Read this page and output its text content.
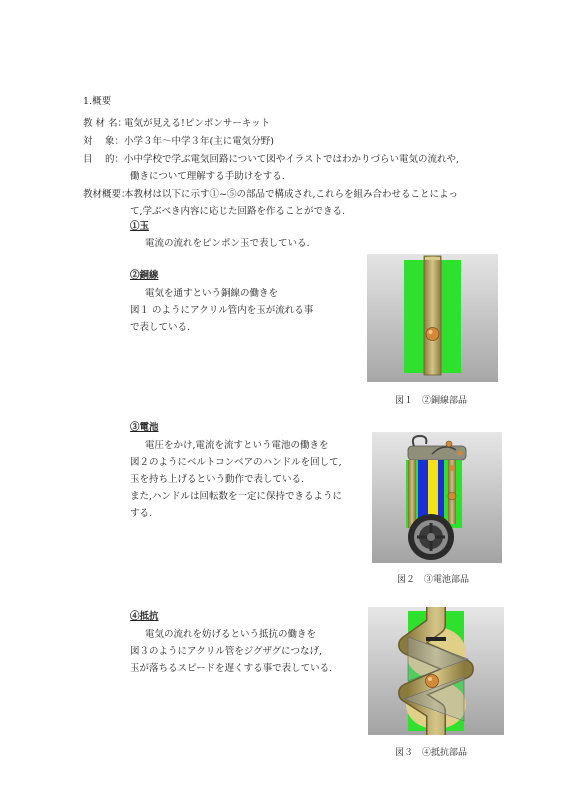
1.概要
教 材 名：
電気が見える!ピンポンサーキット
対　 象： 小学３年～中学３年(主に電気分野)
目　 的： 小中学校で学ぶ電気回路について図やイラストではわかりづらい電気の流れや,
働きについて理解する手助けをする.
教材概要：
本教材は以下に示す①~⑤の部品で構成され,これらを組み合わせることによっ
て,学ぶべき内容に応じた回路を作ることができる.
①玉
電流の流れをピンポン玉で表している.
②銅線
電気を通すという銅線の働きを
図１ のようにアクリル管内を玉が流れる事
で表している.
図１　②銅線部品
③電池
電圧をかけ,電流を流すという電池の働きを
図２のようにベルトコンベアのハンドルを回して,
玉を持ち上げるという動作で表している.
また,ハンドルは回転数を一定に保持できるように
する.
図２　③電池部品
④抵抗
電気の流れを妨げるという抵抗の働きを
図３のようにアクリル管をジグザグにつなげ,
玉が落ちるスピードを遅くする事で表している.
図３　④抵抗部品
